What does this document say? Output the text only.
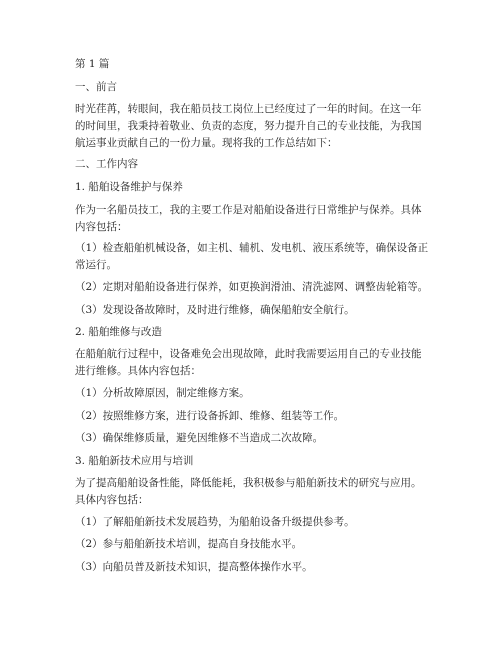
第 1 篇
一、前言
时光荏苒，转眼间，我在船员技工岗位上已经度过了一年的时间。在这一年的时间里，我秉持着敬业、负责的态度，努力提升自己的专业技能，为我国航运事业贡献自己的一份力量。现将我的工作总结如下：
二、工作内容
1. 船舶设备维护与保养
作为一名船员技工，我的主要工作是对船舶设备进行日常维护与保养。具体内容包括：
（1）检查船舶机械设备，如主机、辅机、发电机、液压系统等，确保设备正常运行。
（2）定期对船舶设备进行保养，如更换润滑油、清洗滤网、调整齿轮箱等。
（3）发现设备故障时，及时进行维修，确保船舶安全航行。
2. 船舶维修与改造
在船舶航行过程中，设备难免会出现故障，此时我需要运用自己的专业技能进行维修。具体内容包括：
（1）分析故障原因，制定维修方案。
（2）按照维修方案，进行设备拆卸、维修、组装等工作。
（3）确保维修质量，避免因维修不当造成二次故障。
3. 船舶新技术应用与培训
为了提高船舶设备性能，降低能耗，我积极参与船舶新技术的研究与应用。具体内容包括：
（1）了解船舶新技术发展趋势，为船舶设备升级提供参考。
（2）参与船舶新技术培训，提高自身技能水平。
（3）向船员普及新技术知识，提高整体操作水平。
